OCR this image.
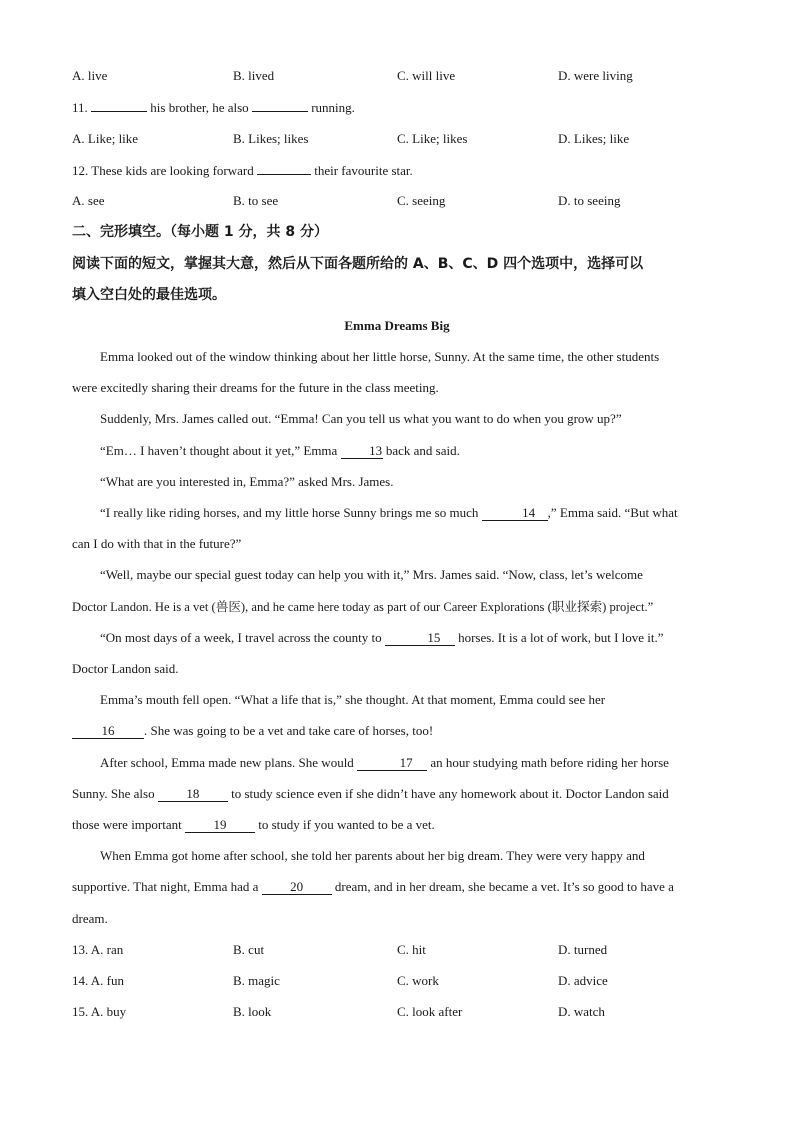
A. live	B. lived	C. will live	D. were living
11.	his brother, he also	running.
A. Like; like	B. Likes; likes	C. Like; likes	D. Likes; like
12. These kids are looking forward	their favourite star.
A. see	B. to see	C. seeing	D. to seeing
二、完形填空。（每小题 1 分，共 8 分）
阅读下面的短文，掌握其大意，然后从下面各题所给的 A、B、C、D 四个选项中，选择可以
填入空白处的最佳选项。
Emma Dreams Big
Emma looked out of the window thinking about her little horse, Sunny. At the same time, the other students
were excitedly sharing their dreams for the future in the class meeting.
Suddenly, Mrs. James called out. “Emma! Can you tell us what you want to do when you grow up?”
“Em… I haven’t thought about it yet,” Emma 13 back and said.
“What are you interested in, Emma?” asked Mrs. James.
“I really like riding horses, and my little horse Sunny brings me so much	14 ,” Emma said. “But what
can I do with that in the future?”
“Well, maybe our special guest today can help you with it,” Mrs. James said. “Now, class, let’s welcome
Doctor Landon. He is a vet (兽医), and he came here today as part of our Career Explorations (职业探索) project.”
“On most days of a week, I travel across the county to	15 horses. It is a lot of work, but I love it.”
Doctor Landon said.
Emma’s mouth fell open. “What a life that is,” she thought. At that moment, Emma could see her
16 . She was going to be a vet and take care of horses, too!
After school, Emma made new plans. She would	17 an hour studying math before riding her horse
Sunny. She also 18 to study science even if she didn’t have any homework about it. Doctor Landon said
those were important 19 to study if you wanted to be a vet.
When Emma got home after school, she told her parents about her big dream. They were very happy and
supportive. That night, Emma had a 20 dream, and in her dream, she became a vet. It’s so good to have a
dream.
13. A. ran	B. cut	C. hit	D. turned
14. A. fun	B. magic	C. work	D. advice
15. A. buy	B. look	C. look after	D. watch
